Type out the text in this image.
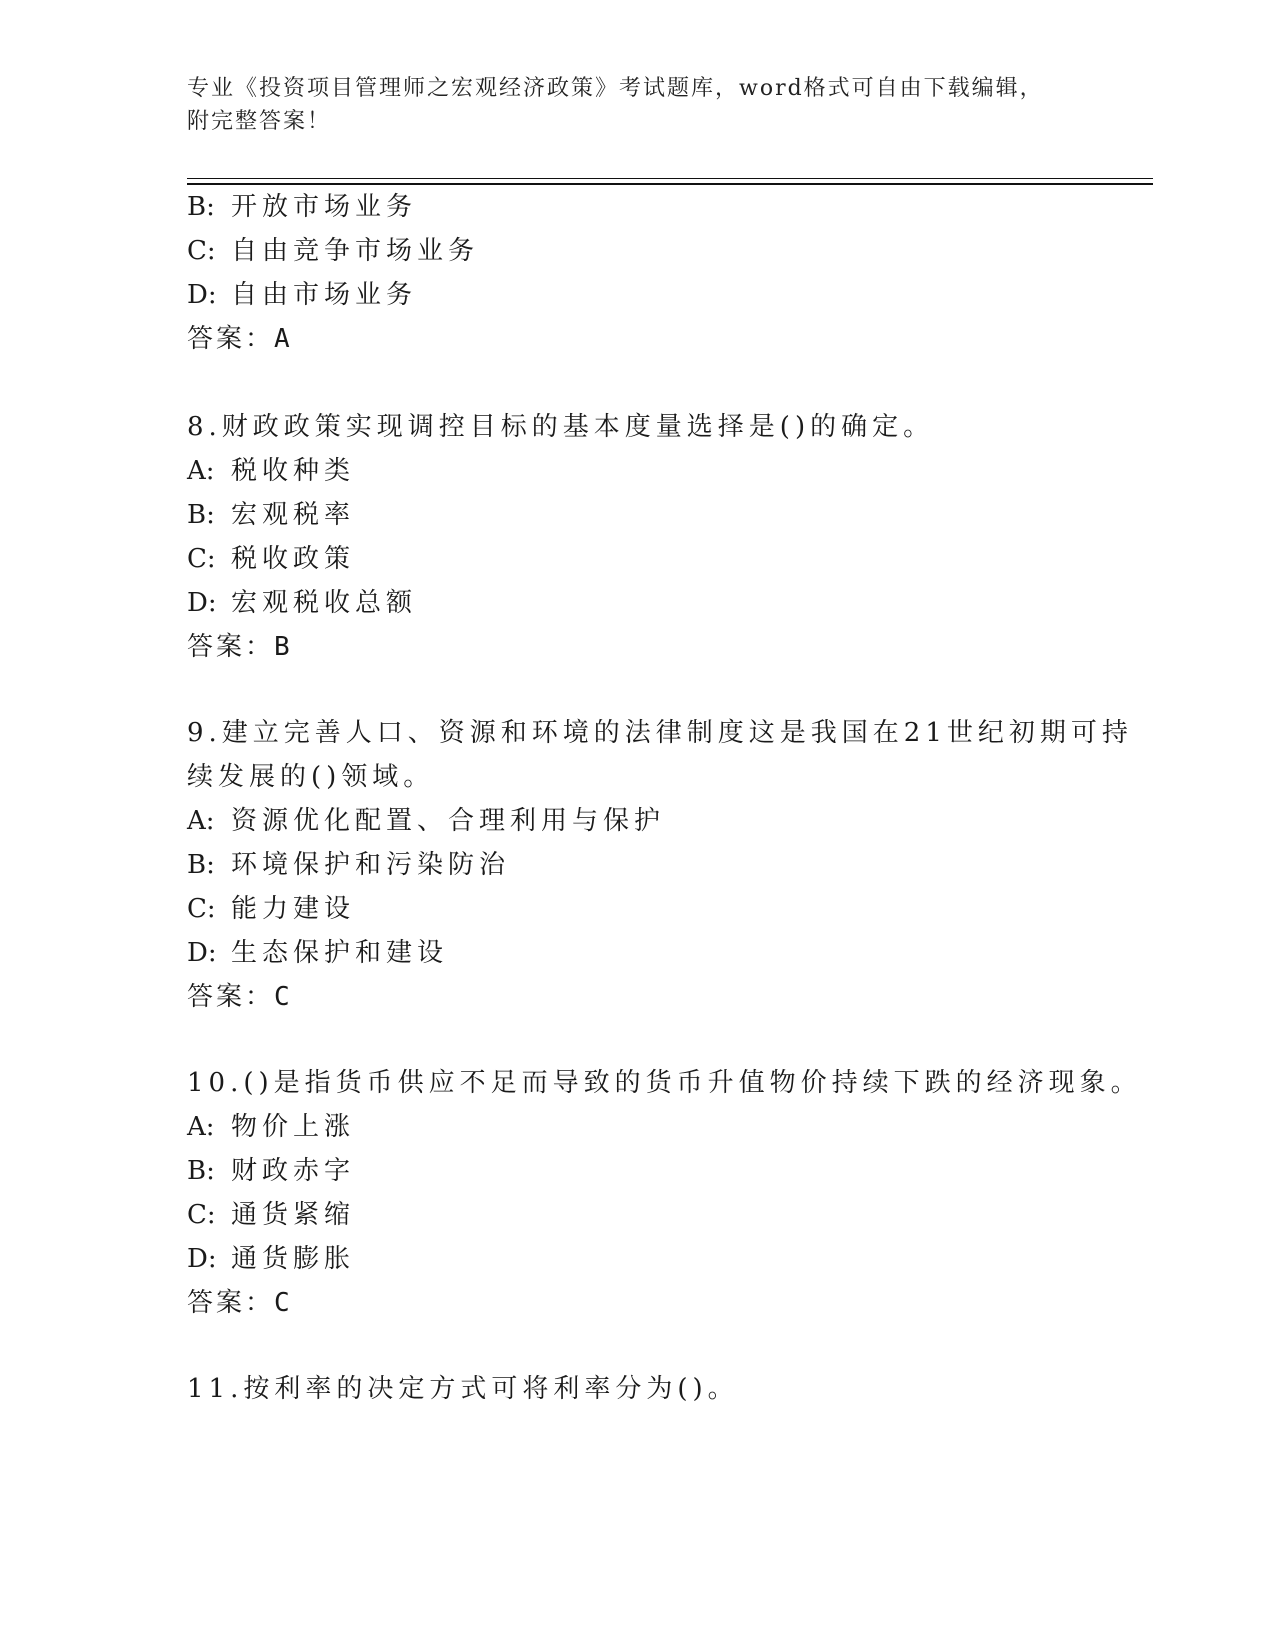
专业《投资项目管理师之宏观经济政策》考试题库，word格式可自由下载编辑，
附完整答案！
B: 开放市场业务
C: 自由竞争市场业务
D: 自由市场业务
答案：A
8.财政政策实现调控目标的基本度量选择是()的确定。
A: 税收种类
B: 宏观税率
C: 税收政策
D: 宏观税收总额
答案：B
9.建立完善人口、资源和环境的法律制度这是我国在21世纪初期可持
续发展的()领域。
A: 资源优化配置、合理利用与保护
B: 环境保护和污染防治
C: 能力建设
D: 生态保护和建设
答案：C
10.()是指货币供应不足而导致的货币升值物价持续下跌的经济现象。
A: 物价上涨
B: 财政赤字
C: 通货紧缩
D: 通货膨胀
答案：C
11.按利率的决定方式可将利率分为()。
